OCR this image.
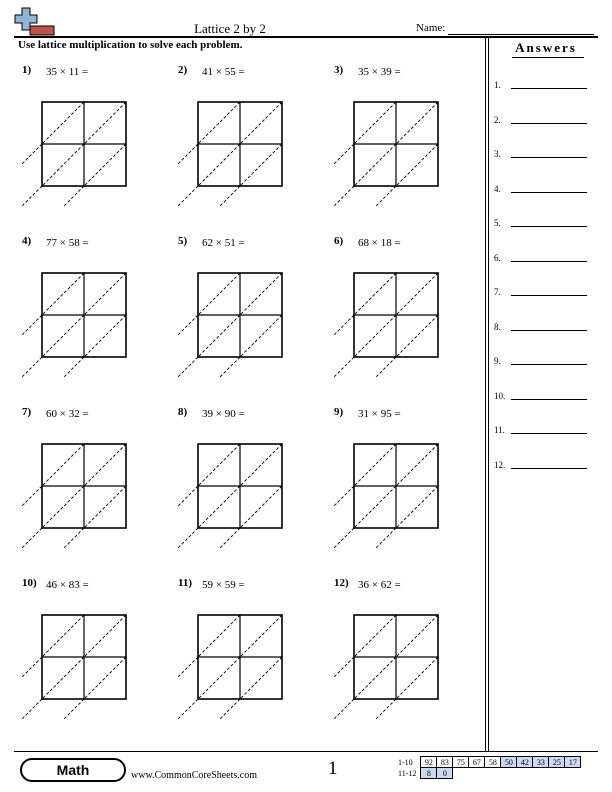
Lattice 2 by 2	Name:
Use lattice multiplication to solve each problem.	Answers
1.
2.
3.
4.
5.
6.
7.
8.
9.
10.
11.
12.
1) 35 × 11 =	2) 41 × 55 =	3) 35 × 39 =
4) 77 × 58 =	5) 62 × 51 =	6) 68 × 18 =
7) 60 × 32 =	8) 39 × 90 =	9) 31 × 95 =
10) 46 × 83 =	11) 59 × 59 =	12) 36 × 62 =
Math	www.CommonCoreSheets.com	1	1-10	92	83	75	67	58	50	42	33	25	17
11-12	8	0								
